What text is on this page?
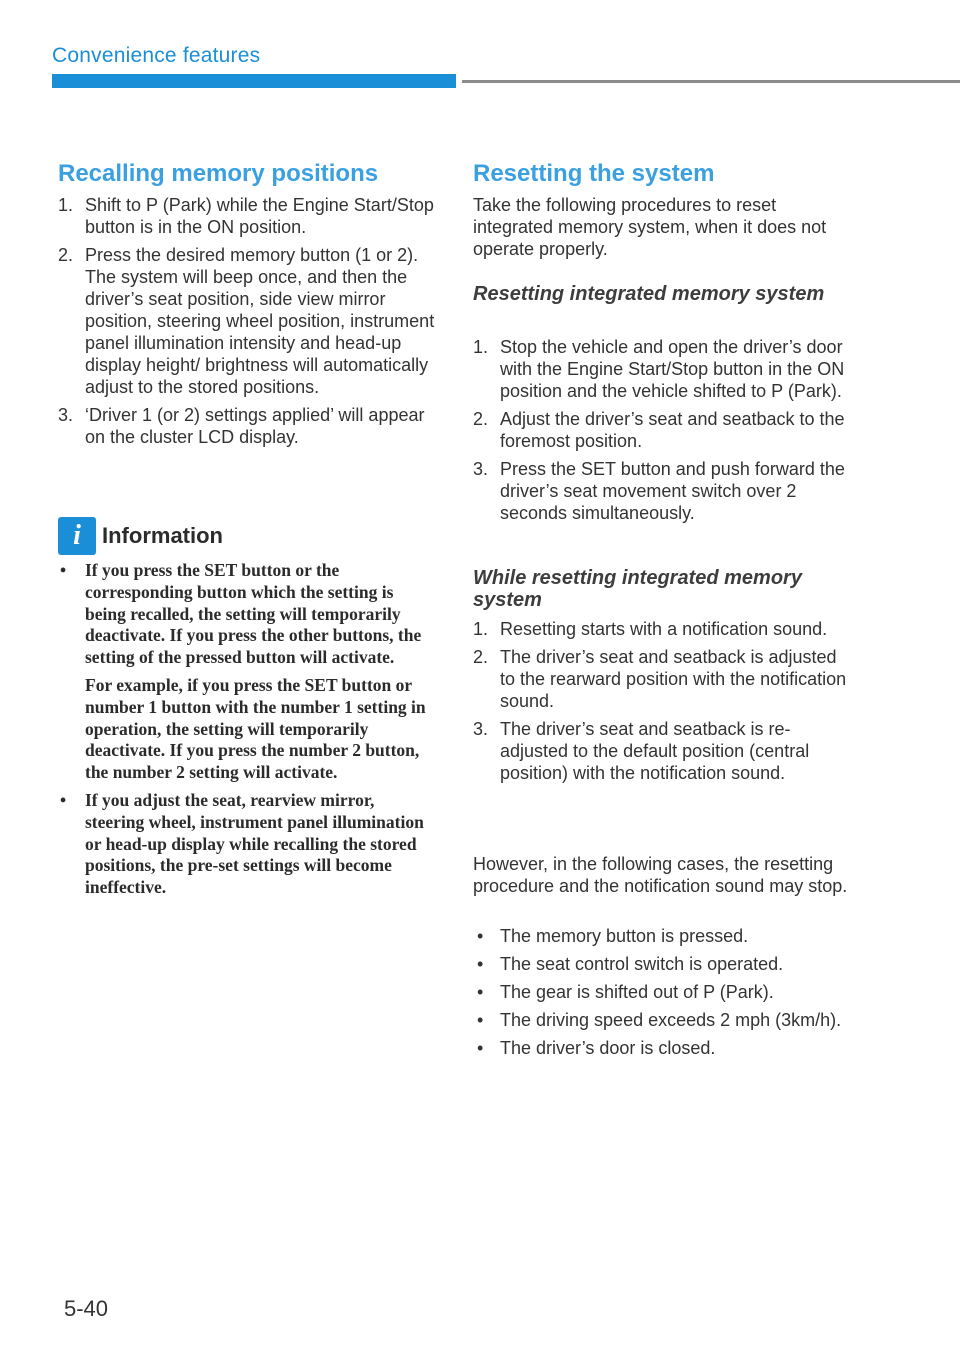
Convenience features
Recalling memory positions
1. Shift to P (Park) while the Engine Start/Stop button is in the ON position.
2. Press the desired memory button (1 or 2). The system will beep once, and then the driver’s seat position, side view mirror position, steering wheel position, instrument panel illumination intensity and head-up display height/ brightness will automatically adjust to the stored positions.
3. ‘Driver 1 (or 2) settings applied’ will appear on the cluster LCD display.
i Information
• If you press the SET button or the corresponding button which the setting is being recalled, the setting will temporarily deactivate. If you press the other buttons, the setting of the pressed button will activate.
For example, if you press the SET button or number 1 button with the number 1 setting in operation, the setting will temporarily deactivate. If you press the number 2 button, the number 2 setting will activate.
• If you adjust the seat, rearview mirror, steering wheel, instrument panel illumination or head-up display while recalling the stored positions, the pre-set settings will become ineffective.
Resetting the system

Take the following procedures to reset integrated memory system, when it does not operate properly.

Resetting integrated memory system
1. Stop the vehicle and open the driver’s door with the Engine Start/Stop button in the ON position and the vehicle shifted to P (Park).
2. Adjust the driver’s seat and seatback to the foremost position.
3. Press the SET button and push forward the driver’s seat movement switch over 2 seconds simultaneously.
While resetting integrated memory system
1. Resetting starts with a notification sound.
2. The driver’s seat and seatback is adjusted to the rearward position with the notification sound.
3. The driver’s seat and seatback is re-adjusted to the default position (central position) with the notification sound.

However, in the following cases, the resetting procedure and the notification sound may stop.

• The memory button is pressed.
• The seat control switch is operated.
• The gear is shifted out of P (Park).
• The driving speed exceeds 2 mph (3km/h).
• The driver’s door is closed.
5-40
